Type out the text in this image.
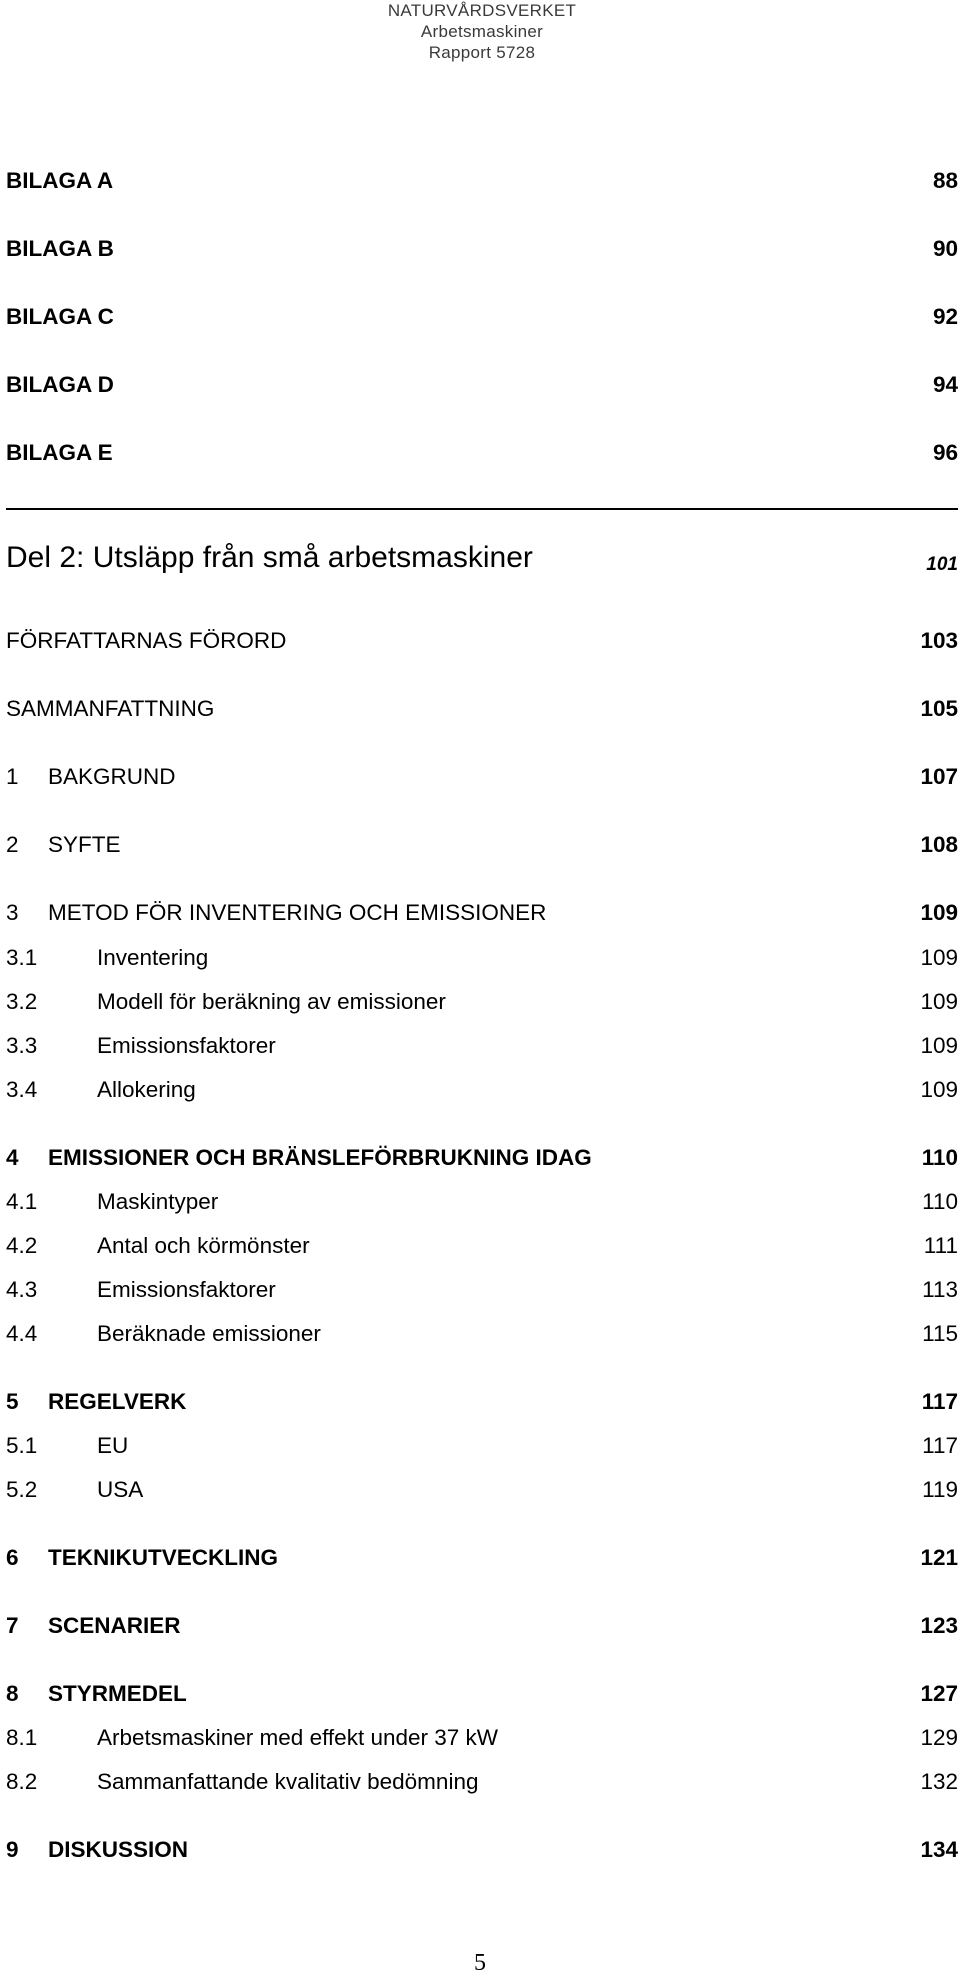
NATURVÅRDSVERKET
Arbetsmaskiner
Rapport 5728
BILAGA A	88
BILAGA B	90
BILAGA C	92
BILAGA D	94
BILAGA E	96
Del 2: Utsläpp från små arbetsmaskiner	101
FÖRFATTARNAS FÖRORD	103
SAMMANFATTNING	105
1 BAKGRUND	107
2 SYFTE	108
3 METOD FÖR INVENTERING OCH EMISSIONER	109
3.1	Inventering	109
3.2	Modell för beräkning av emissioner	109
3.3	Emissionsfaktorer	109
3.4	Allokering	109
4 EMISSIONER OCH BRÄNSLEFÖRBRUKNING IDAG	110
4.1	Maskintyper	110
4.2	Antal och körmönster	111
4.3	Emissionsfaktorer	113
4.4	Beräknade emissioner	115
5 REGELVERK	117
5.1	EU	117
5.2	USA	119
6 TEKNIKUTVECKLING	121
7 SCENARIER	123
8 STYRMEDEL	127
8.1	Arbetsmaskiner med effekt under 37 kW	129
8.2	Sammanfattande kvalitativ bedömning	132
9 DISKUSSION	134
5
